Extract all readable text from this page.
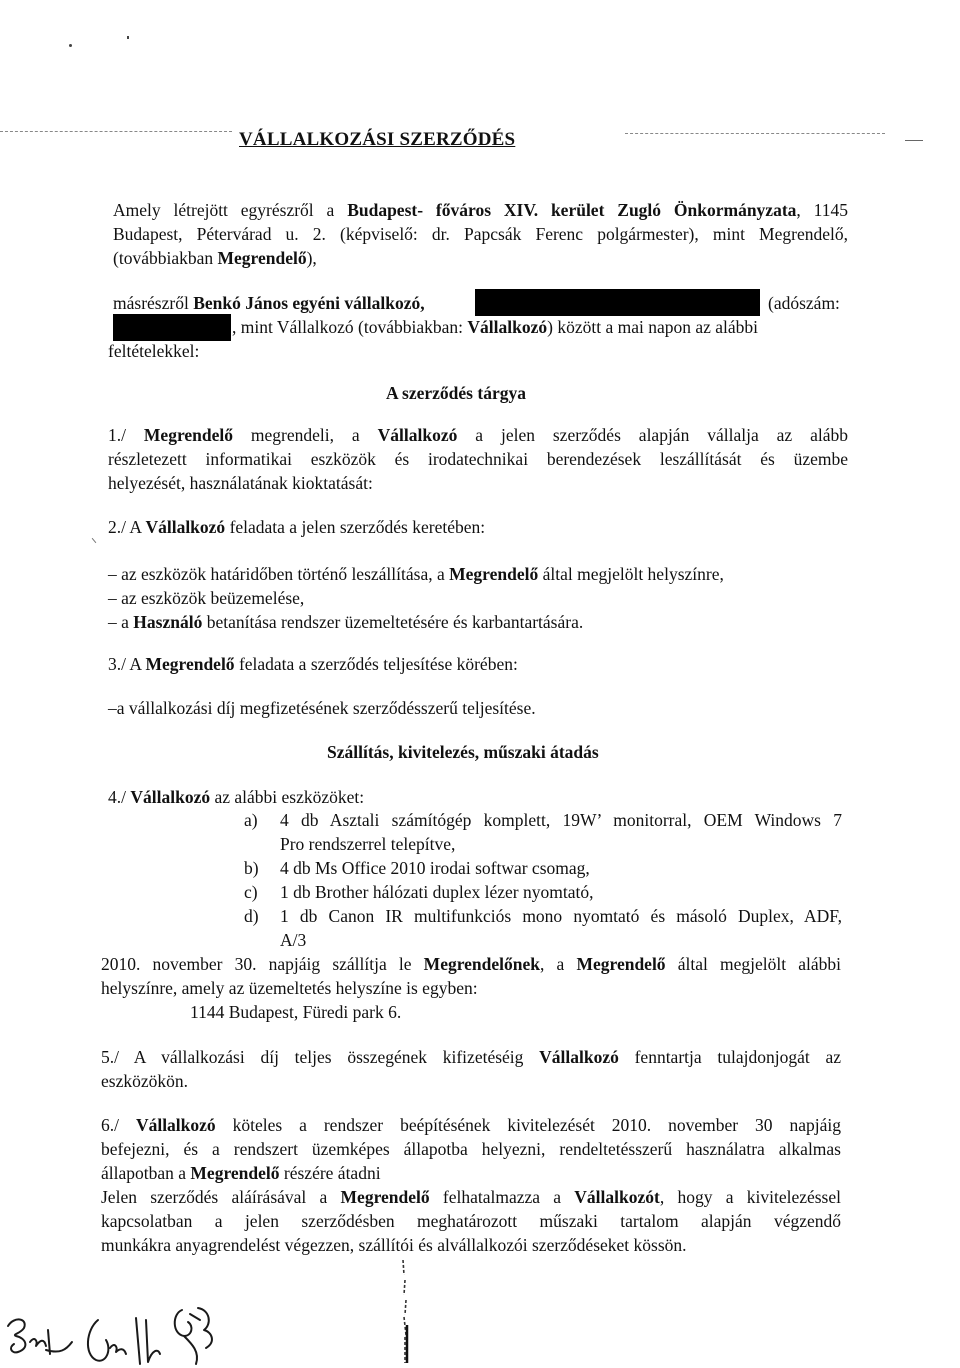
VÁLLALKOZÁSI SZERZŐDÉS
Amely létrejött egyrészről a Budapest- főváros XIV. kerület Zugló Önkormányzata, 1145
Budapest, Pétervárad u. 2. (képviselő: dr. Papcsák Ferenc polgármester), mint Megrendelő,
(továbbiakban Megrendelő),
másrészről Benkó János egyéni vállalkozó,	(adószám:
, mint Vállalkozó (továbbiakban: Vállalkozó) között a mai napon az alábbi
feltételekkel:
A szerződés tárgya
1./ Megrendelő megrendeli, a Vállalkozó a jelen szerződés alapján vállalja az alább
részletezett informatikai eszközök és irodatechnikai berendezések leszállítását és üzembe
helyezését, használatának kioktatását:
2./ A Vállalkozó feladata a jelen szerződés keretében:
– az eszközök határidőben történő leszállítása, a Megrendelő által megjelölt helyszínre,
– az eszközök beüzemelése,
– a Használó betanítása rendszer üzemeltetésére és karbantartására.
3./ A Megrendelő feladata a szerződés teljesítése körében:
–a vállalkozási díj megfizetésének szerződésszerű teljesítése.
Szállítás, kivitelezés, műszaki átadás
4./ Vállalkozó az alábbi eszközöket:
a) 4 db Asztali számítógép komplett, 19W’ monitorral, OEM Windows 7
Pro rendszerrel telepítve,
b) 4 db Ms Office 2010 irodai softwar csomag,
c) 1 db Brother hálózati duplex lézer nyomtató,
d) 1 db Canon IR multifunkciós mono nyomtató és másoló Duplex, ADF,
A/3
2010. november 30. napjáig szállítja le Megrendelőnek, a Megrendelő által megjelölt alábbi
helyszínre, amely az üzemeltetés helyszíne is egyben:
1144 Budapest, Füredi park 6.
5./ A vállalkozási díj teljes összegének kifizetéséig Vállalkozó fenntartja tulajdonjogát az
eszközökön.
6./ Vállalkozó köteles a rendszer beépítésének kivitelezését 2010. november 30 napjáig
befejezni, és a rendszert üzemképes állapotba helyezni, rendeltetésszerű használatra alkalmas
állapotban a Megrendelő részére átadni
Jelen szerződés aláírásával a Megrendelő felhatalmazza a Vállalkozót, hogy a kivitelezéssel
kapcsolatban a jelen szerződésben meghatározott műszaki tartalom alapján végzendő
munkákra anyagrendelést végezzen, szállítói és alvállalkozói szerződéseket kössön.
